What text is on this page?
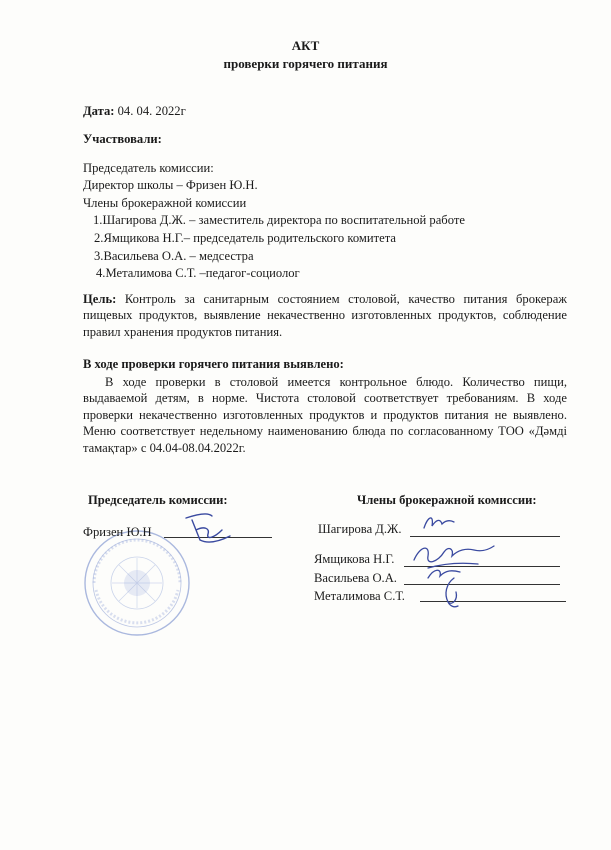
АКТ
проверки горячего питания
Дата: 04. 04. 2022г
Участвовали:
Председатель комиссии:
Директор школы – Фризен Ю.Н.
Члены брокеражной комиссии
1.Шагирова Д.Ж. – заместитель директора по воспитательной работе
2.Ямщикова Н.Г.– председатель родительского комитета
3.Васильева О.А. – медсестра
4.Металимова С.Т. –педагог-социолог
Цель: Контроль за санитарным состоянием столовой, качество питания брокераж пищевых продуктов, выявление некачественно изготовленных продуктов, соблюдение правил хранения продуктов питания.
В ходе проверки горячего питания выявлено:
В ходе проверки в столовой имеется контрольное блюдо. Количество пищи, выдаваемой детям, в норме. Чистота столовой соответствует требованиям. В ходе проверки некачественно изготовленных продуктов и продуктов питания не выявлено. Меню соответствует недельному наименованию блюда по согласованному ТОО «Дәмді тамақтар» с 04.04-08.04.2022г.

Председатель комиссии:
Фризен Ю.Н
Члены брокеражной комиссии:
Шагирова Д.Ж.
Ямщикова Н.Г.
Васильева О.А.
Металимова С.Т.
